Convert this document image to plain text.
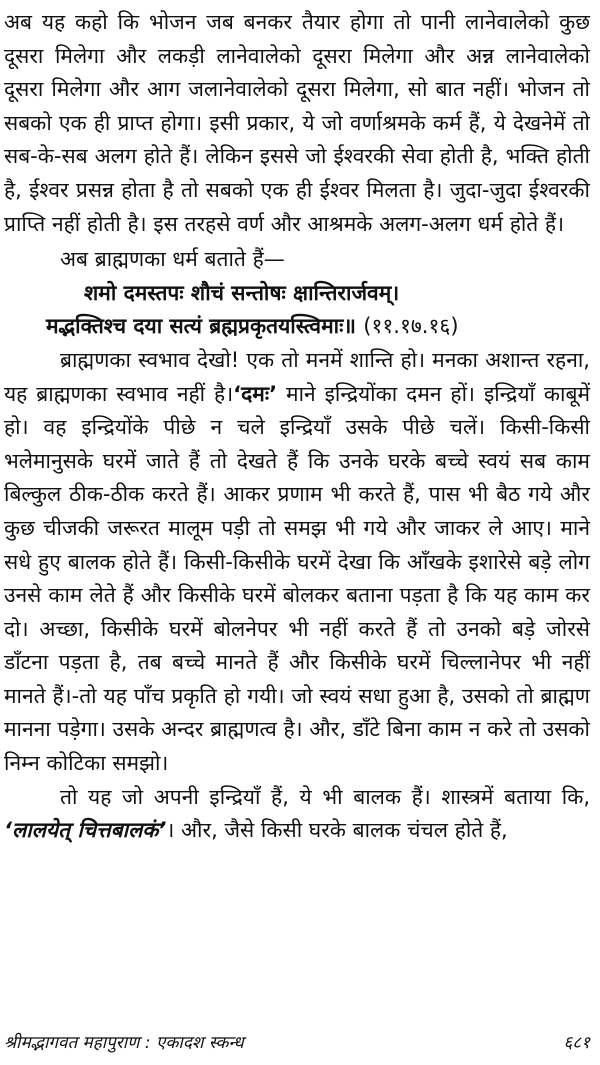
अब यह कहो कि भोजन जब बनकर तैयार होगा तो पानी लानेवालेको कुछ दूसरा मिलेगा और लकड़ी लानेवालेको दूसरा मिलेगा और अन्न लानेवालेको दूसरा मिलेगा और आग जलानेवालेको दूसरा मिलेगा, सो बात नहीं। भोजन तो सबको एक ही प्राप्त होगा। इसी प्रकार, ये जो वर्णाश्रमके कर्म हैं, ये देखनेमें तो सब-के-सब अलग होते हैं। लेकिन इससे जो ईश्वरकी सेवा होती है, भक्ति होती है, ईश्वर प्रसन्न होता है तो सबको एक ही ईश्वर मिलता है। जुदा-जुदा ईश्वरकी प्राप्ति नहीं होती है। इस तरहसे वर्ण और आश्रमके अलग-अलग धर्म होते हैं।

अब ब्राह्मणका धर्म बताते हैं—

शमो दमस्तपः शौचं सन्तोषः क्षान्तिरार्जवम्।

मद्भक्तिश्च दया सत्यं ब्रह्मप्रकृतयस्त्विमाः॥ (११.१७.१६)

ब्राह्मणका स्वभाव देखो! एक तो मनमें शान्ति हो। मनका अशान्त रहना, यह ब्राह्मणका स्वभाव नहीं है।‘दमः’ माने इन्द्रियोंका दमन हों। इन्द्रियाँ काबूमें हो। वह इन्द्रियोंके पीछे न चले इन्द्रियाँ उसके पीछे चलें। किसी-किसी भलेमानुसके घरमें जाते हैं तो देखते हैं कि उनके घरके बच्चे स्वयं सब काम बिल्कुल ठीक-ठीक करते हैं। आकर प्रणाम भी करते हैं, पास भी बैठ गये और कुछ चीजकी जरूरत मालूम पड़ी तो समझ भी गये और जाकर ले आए। माने सधे हुए बालक होते हैं। किसी-किसीके घरमें देखा कि आँखके इशारेसे बड़े लोग उनसे काम लेते हैं और किसीके घरमें बोलकर बताना पड़ता है कि यह काम कर दो। अच्छा, किसीके घरमें बोलनेपर भी नहीं करते हैं तो उनको बड़े जोरसे डाँटना पड़ता है, तब बच्चे मानते हैं और किसीके घरमें चिल्लानेपर भी नहीं मानते हैं।-तो यह पाँच प्रकृति हो गयी। जो स्वयं सधा हुआ है, उसको तो ब्राह्मण मानना पड़ेगा। उसके अन्दर ब्राह्मणत्व है। और, डाँटे बिना काम न करे तो उसको निम्न कोटिका समझो।

तो यह जो अपनी इन्द्रियाँ हैं, ये भी बालक हैं। शास्त्रमें बताया कि, ‘लालयेत् चित्तबालकं’। और, जैसे किसी घरके बालक चंचल होते हैं,

श्रीमद्भागवत महापुराण : एकादश स्कन्ध	६८१
